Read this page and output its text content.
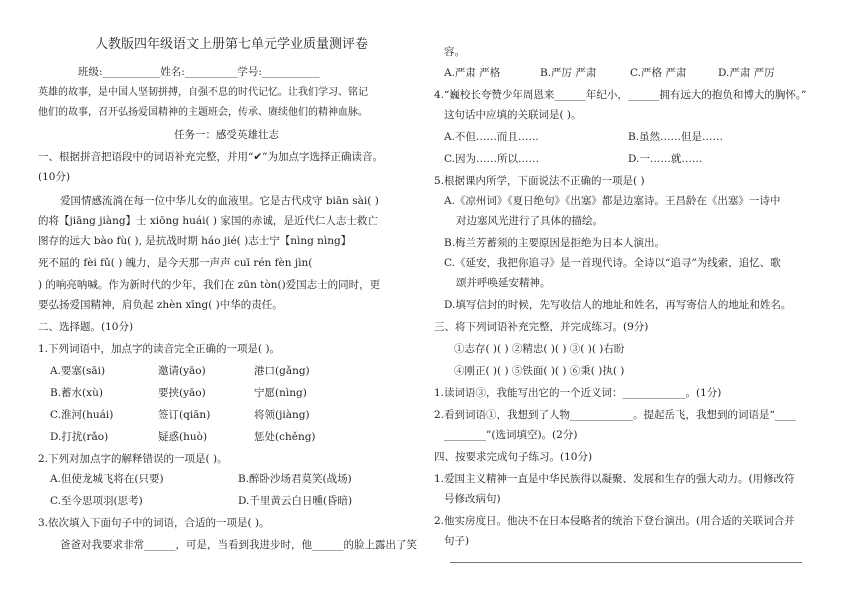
人教版四年级语文上册第七单元学业质量测评卷
班级:___________姓名:__________学号:___________
英雄的故事，是中国人坚韧拼搏，自强不息的时代记忆。让我们学习、铭记
他们的故事，召开弘扬爱国精神的主题班会，传承、赓续他们的精神血脉。
任务一：感受英雄壮志
一、根据拼音把语段中的词语补充完整，并用“✔”为加点字选择正确读音。
(10分)
爱国情感流淌在每一位中华儿女的血液里。它是古代戍守 biān sài( )
的将【jiāng jiàng】士 xiōng huái( ) 家国的赤诚，是近代仁人志士救亡
图存的远大 bào fù( ), 是抗战时期 háo jié( )志士宁【nìng nìng】
死不屈的 fèi fǔ( ) 魄力，是今天那一声声 cuī rén fèn jìn(
) 的响亮呐喊。作为新时代的少年，我们在 zūn tòn()爱国志士的同时，更
要弘扬爱国精神，肩负起 zhèn xīng( )中华的责任。
二、选择题。(10分)
1.下列词语中，加点字的读音完全正确的一项是( )。
A.要塞(sāi)	邀请(yāo)	港口(gǎng)
B.蓄水(xù)	要挟(yāo)	宁愿(nìng)
C.淮河(huái)	签订(qiān)	将领(jiàng)
D.打扰(rǎo)	疑惑(huò)	惩处(chěng)
2.下列对加点字的解释错误的一项是( )。
A.但使龙城飞将在(只要)	B.醉卧沙场君莫笑(战场)
C.至今思项羽(思考)	D.千里黄云白日曛(昏暗)
3.依次填入下面句子中的词语，合适的一项是( )。
爸爸对我要求非常______，可是，当看到我进步时，他______的脸上露出了笑
容。
A.严肃 严格	B.严厉 严肃	C.严格 严肃	D.严肃 严厉
4.“巍校长夸赞少年周恩来______年纪小，______拥有远大的抱负和博大的胸怀。”
这句话中应填的关联词是( )。
A.不但……而且……	B.虽然……但是……
C.因为……所以……	D.一……就……
5.根据课内所学，下面说法不正确的一项是( )
A.《凉州词》《夏日绝句》《出塞》都是边塞诗。王昌龄在《出塞》一诗中
对边塞风光进行了具体的描绘。
B.梅兰芳蓄须的主要原因是拒绝为日本人演出。
C.《延安，我把你追寻》是一首现代诗。全诗以“追寻”为线索，追忆、歌
颂并呼唤延安精神。
D.填写信封的时候，先写收信人的地址和姓名，再写寄信人的地址和姓名。
三、将下列词语补充完整，并完成练习。(9分)
①志存( )( ) ②精忠( )( ) ③( )( )右盼
④刚正( )( ) ⑤铁面( )( ) ⑥秉( )执( )
1.读词语③，我能写出它的一个近义词：____________。(1分)
2.看到词语①，我想到了人物____________。提起岳飞，我想到的词语是“____
________”(选词填空)。(2分)
四、按要求完成句子练习。(10分)
1.爱国主义精神一直是中华民族得以凝聚、发展和生存的强大动力。(用修改符
号修改病句)
2.他实房度日。他决不在日本侵略者的统治下登台演出。(用合适的关联词合并
句子)
